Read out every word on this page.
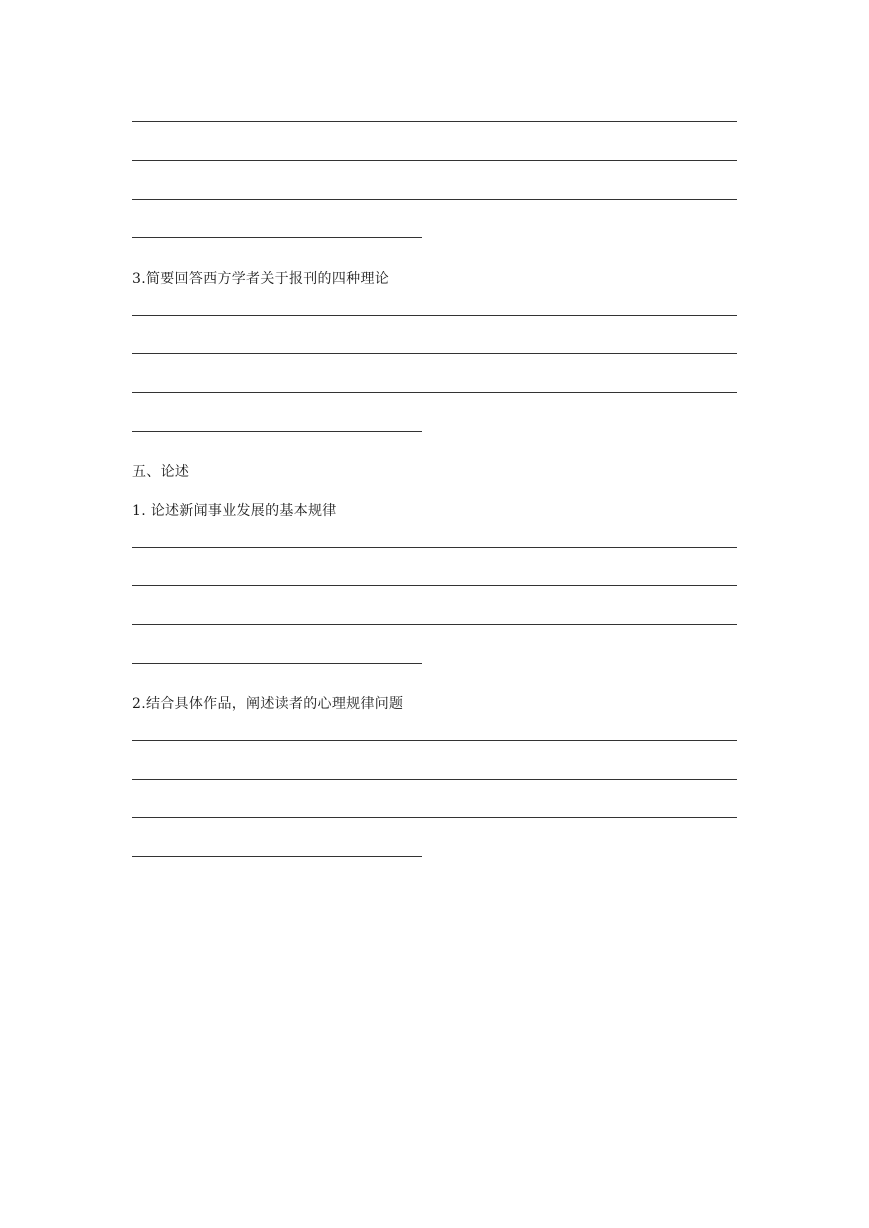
3.简要回答西方学者关于报刊的四种理论
五、论述
1. 论述新闻事业发展的基本规律
2.结合具体作品，阐述读者的心理规律问题
